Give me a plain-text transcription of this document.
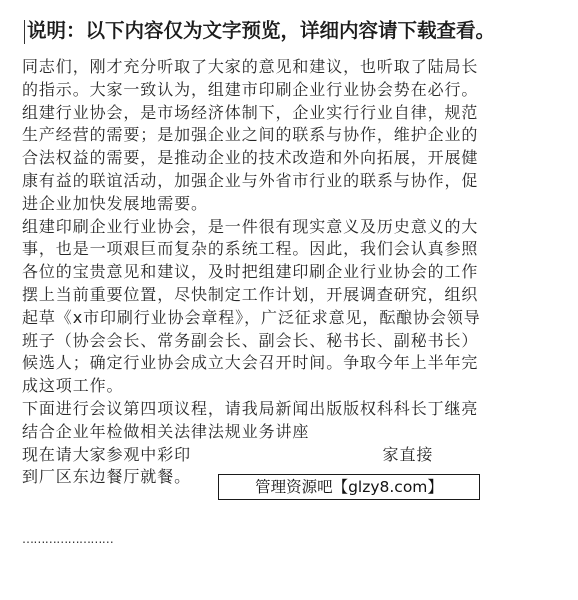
说明：以下内容仅为文字预览，详细内容请下载查看。
同志们，刚才充分听取了大家的意见和建议，也听取了陆局长
的指示。大家一致认为，组建市印刷企业行业协会势在必行。
组建行业协会，是市场经济体制下，企业实行行业自律，规范
生产经营的需要；是加强企业之间的联系与协作，维护企业的
合法权益的需要，是推动企业的技术改造和外向拓展，开展健
康有益的联谊活动，加强企业与外省市行业的联系与协作，促
进企业加快发展地需要。
组建印刷企业行业协会，是一件很有现实意义及历史意义的大
事，也是一项艰巨而复杂的系统工程。因此，我们会认真参照
各位的宝贵意见和建议，及时把组建印刷企业行业协会的工作
摆上当前重要位置，尽快制定工作计划，开展调查研究，组织
起草《x市印刷行业协会章程》，广泛征求意见，酝酿协会领导
班子（协会会长、常务副会长、副会长、秘书长、副秘书长）
候选人；确定行业协会成立大会召开时间。争取今年上半年完
成这项工作。
下面进行会议第四项议程，请我局新闻出版版权科科长丁继亮
结合企业年检做相关法律法规业务讲座
现在请大家参观中彩印                                家直接
到厂区东边餐厅就餐。
……………………
管理资源吧【glzy8.com】
